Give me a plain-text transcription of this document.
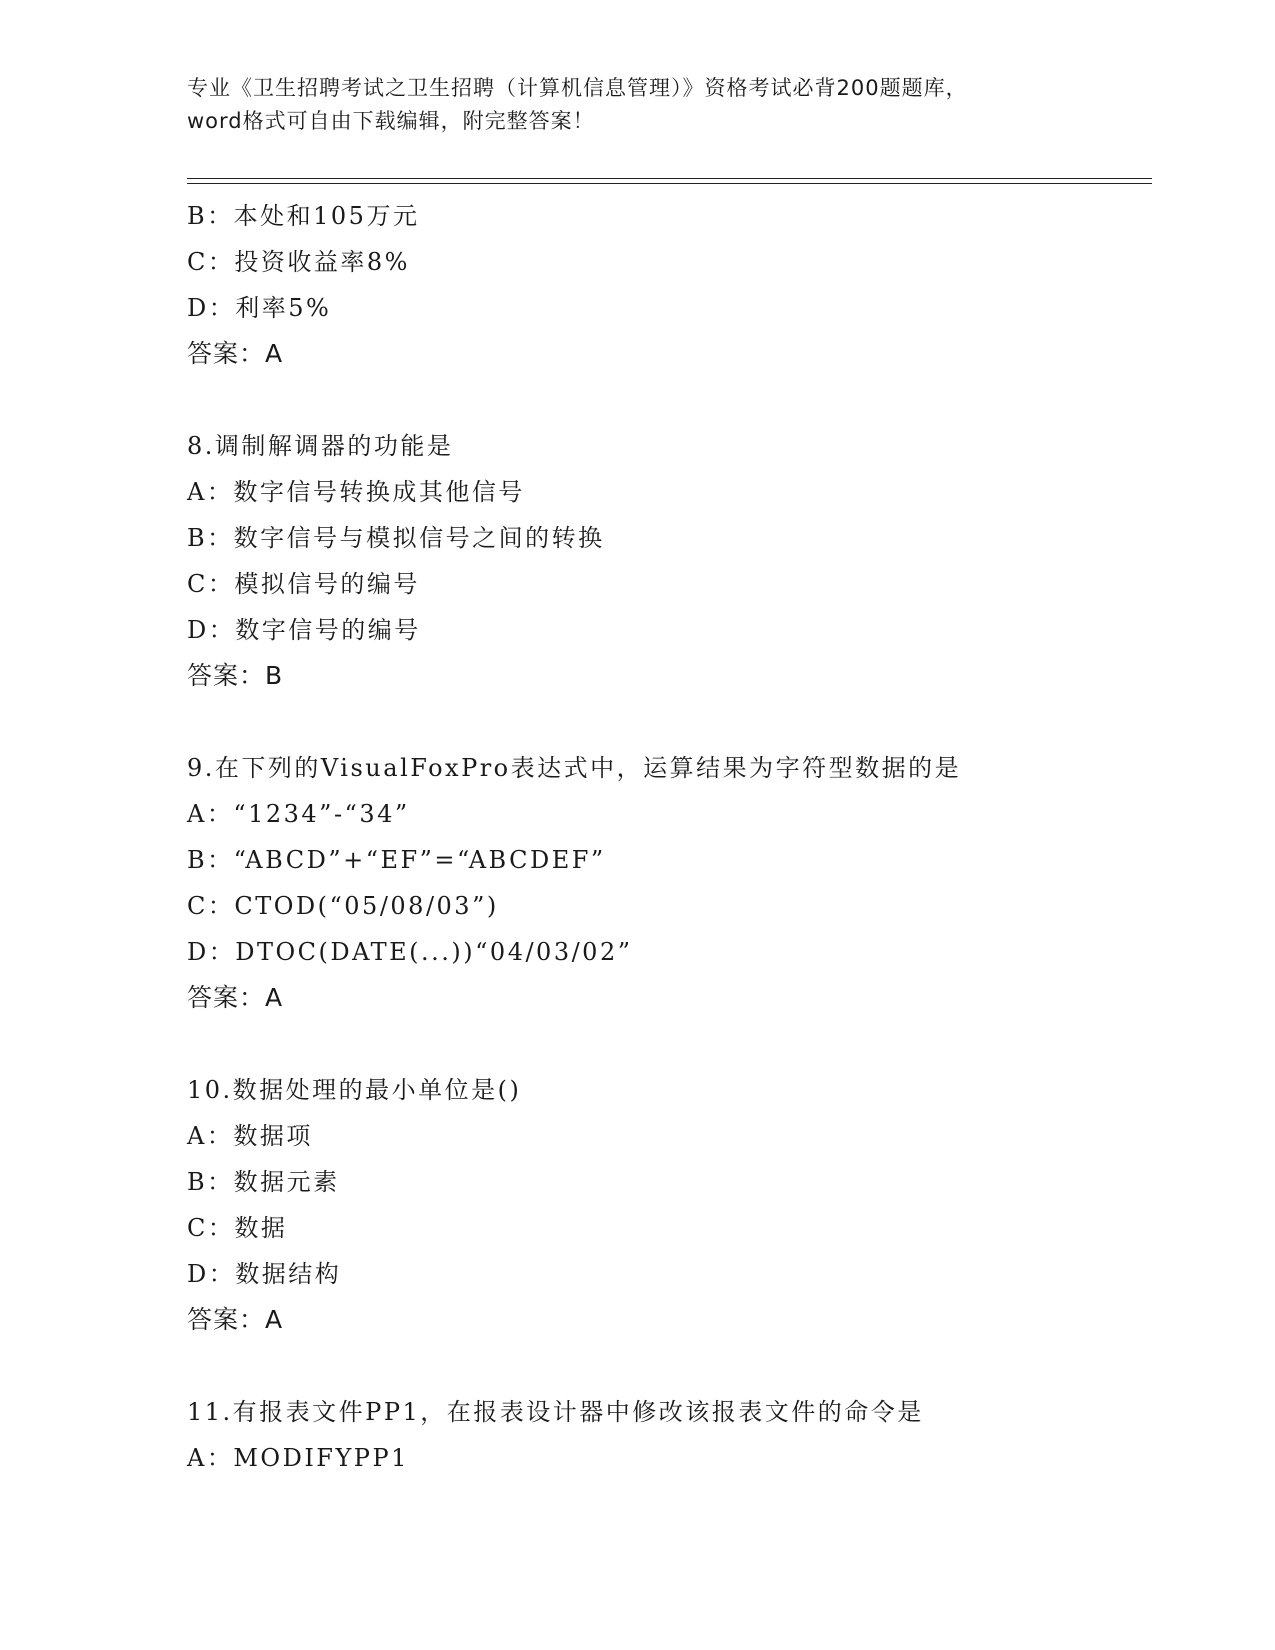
专业《卫生招聘考试之卫生招聘（计算机信息管理）》资格考试必背200题题库，
word格式可自由下载编辑，附完整答案！
B：本处和105万元
C：投资收益率8%
D：利率5%
答案：A
8.调制解调器的功能是
A：数字信号转换成其他信号
B：数字信号与模拟信号之间的转换
C：模拟信号的编号
D：数字信号的编号
答案：B
9.在下列的VisualFoxPro表达式中，运算结果为字符型数据的是
A：“1234”-“34”
B：“ABCD”+“EF”=“ABCDEF”
C：CTOD(“05/08/03”)
D：DTOC(DATE(...))“04/03/02”
答案：A
10.数据处理的最小单位是()
A：数据项
B：数据元素
C：数据
D：数据结构
答案：A
11.有报表文件PP1，在报表设计器中修改该报表文件的命令是
A：MODIFYPP1
